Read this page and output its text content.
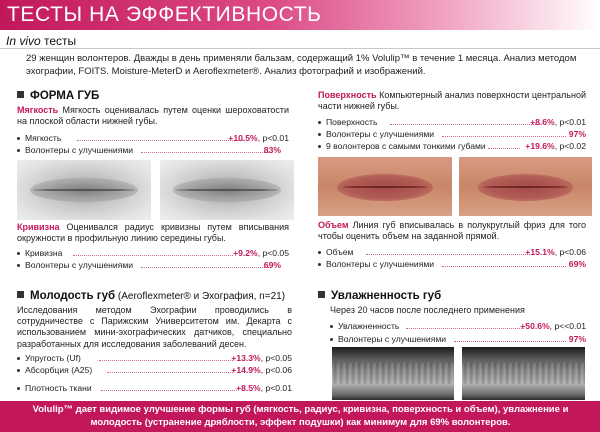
ТЕСТЫ НА ЭФФЕКТИВНОСТЬ
In vivo тесты
29 женщин волонтеров. Дважды в день применяли бальзам, содержащий 1% Volulip™ в течение 1 месяца. Анализ методом эхографии, FOITS. Moisture-MeterD и Aeroflexmeter®. Анализ фотографий и изображений.
ФОРМА ГУБ
Мягкость Мягкость оценивалась путем оценки шероховатости на плоской области нижней губы.
Мягкость	+10.5%, p<0.01
Волонтеры с улучшениями	83%
Кривизна Оценивался радиус кривизны путем вписывания окружности в профильную линию середины губы.
Кривизна	+9.2%, p<0.05
Волонтеры с улучшениями	69%
Поверхность Компьютерный анализ поверхности центральной части нижней губы.
Поверхность	+8.6%, p<0.01
Волонтеры с улучшениями	97%
9 волонтеров с самыми тонкими губами	+19.6%, p<0.02
Объем Линия губ вписывалась в полукруглый фриз для того чтобы оценить объем на заданной прямой.
Объем	+15.1%, p<0.06
Волонтеры с улучшениями	69%
Молодость губ (Aeroflexmeter® и Эхография, n=21)
Исследования методом Эхографии проводились в сотрудничестве с Парижским Университетом им. Декарта с использованием мини-эхографических датчиков, специально разработанных для исследования заболеваний десен.
Упругость (Uf)	+13.3%, p<0.05
Абсорбция (A25)	+14.9%, p<0.06
Плотность ткани	+8.5%, p<0.01
Увлажненность губ
Через 20 часов после последнего применения
Увлажненность	+50.6%, p<<0.01
Волонтеры с улучшениями	97%
Volulip™ дает видимое улучшение формы губ (мягкость, радиус, кривизна, поверхность и объем), увлажнение и молодость (устранение дряблости, эффект подушки) как минимум для 69% волонтеров.
